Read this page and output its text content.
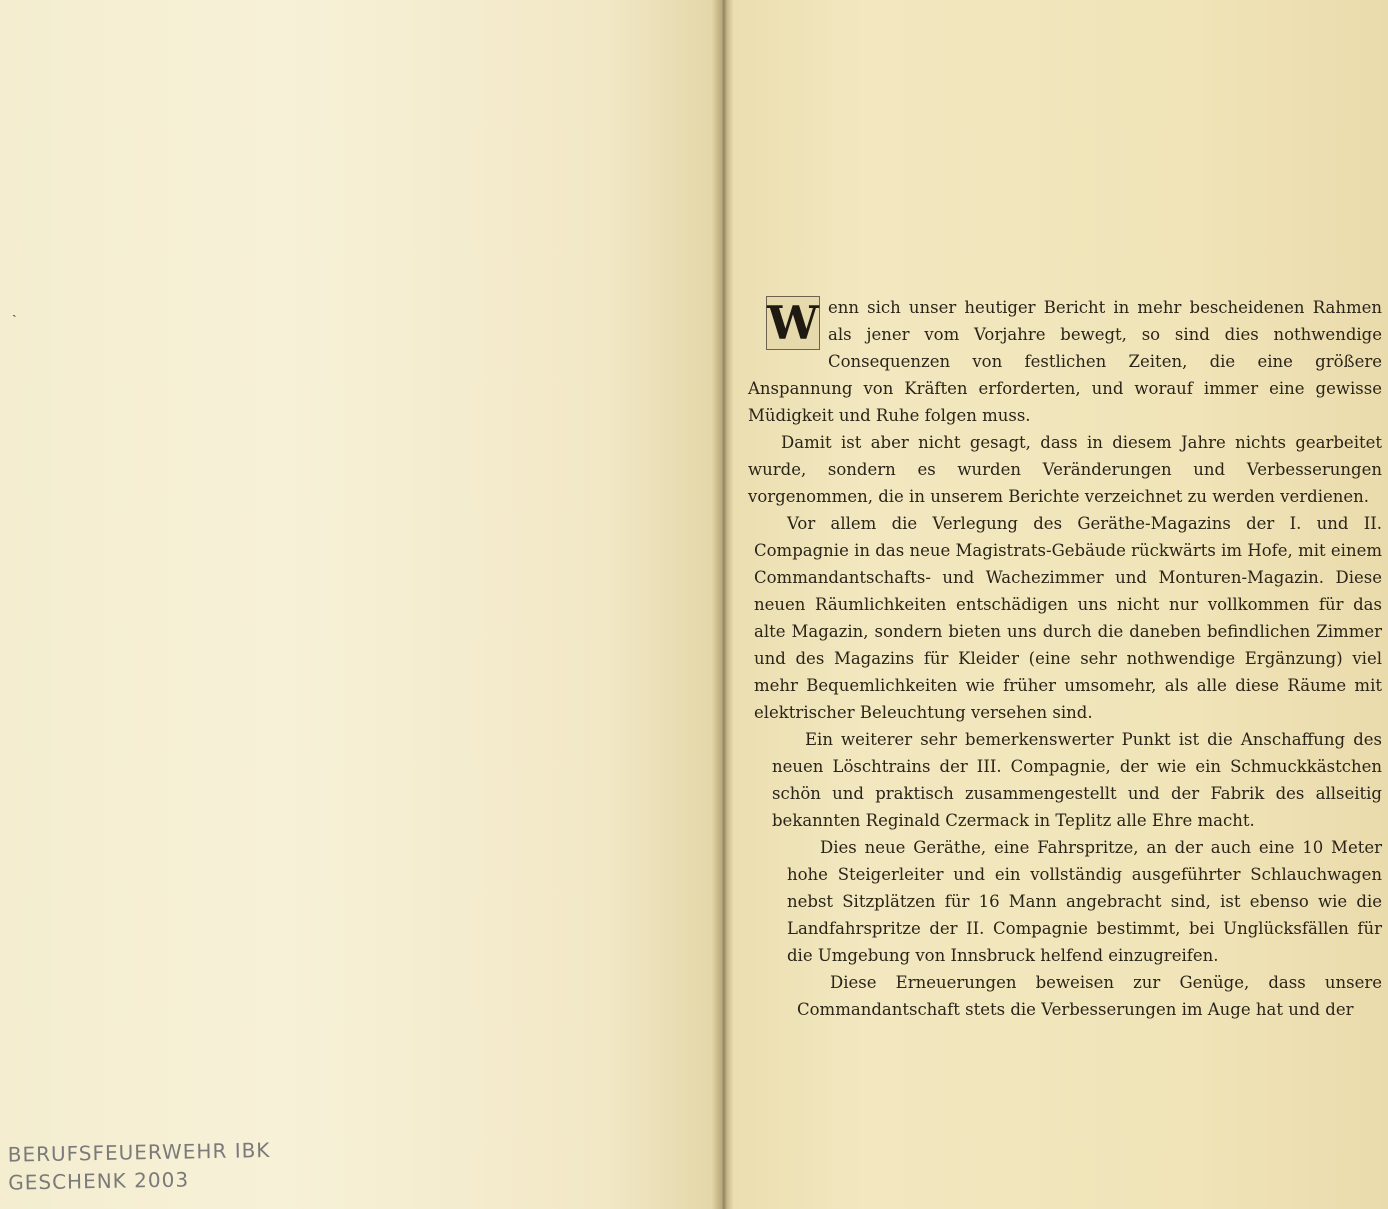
ˏ
BERUFSFEUERWEHR IBK
GESCHENK 2003

W enn sich unser heutiger Bericht in mehr bescheidenen Rahmen als jener vom Vorjahre bewegt, so sind dies nothwendige Consequenzen von festlichen Zeiten, die eine größere Anspannung von Kräften erforderten, und worauf immer eine gewisse Müdigkeit und Ruhe folgen muss.

Damit ist aber nicht gesagt, dass in diesem Jahre nichts gearbeitet wurde, sondern es wurden Veränderungen und Verbesserungen vorgenommen, die in unserem Berichte verzeichnet zu werden verdienen.

Vor allem die Verlegung des Geräthe-Magazins der I. und II. Compagnie in das neue Magistrats-Gebäude rückwärts im Hofe, mit einem Commandantschafts- und Wachezimmer und Monturen-Magazin. Diese neuen Räumlichkeiten entschädigen uns nicht nur vollkommen für das alte Magazin, sondern bieten uns durch die daneben befindlichen Zimmer und des Magazins für Kleider (eine sehr nothwendige Ergänzung) viel mehr Bequemlichkeiten wie früher umsomehr, als alle diese Räume mit elektrischer Beleuchtung versehen sind.

Ein weiterer sehr bemerkenswerter Punkt ist die Anschaffung des neuen Löschtrains der III. Compagnie, der wie ein Schmuckkästchen schön und praktisch zusammengestellt und der Fabrik des allseitig bekannten Reginald Czermack in Teplitz alle Ehre macht.

Dies neue Geräthe, eine Fahrspritze, an der auch eine 10 Meter hohe Steigerleiter und ein vollständig ausgeführter Schlauchwagen nebst Sitzplätzen für 16 Mann angebracht sind, ist ebenso wie die Landfahrspritze der II. Compagnie bestimmt, bei Unglücksfällen für die Umgebung von Innsbruck helfend einzugreifen.

Diese Erneuerungen beweisen zur Genüge, dass unsere Commandantschaft stets die Verbesserungen im Auge hat und der
